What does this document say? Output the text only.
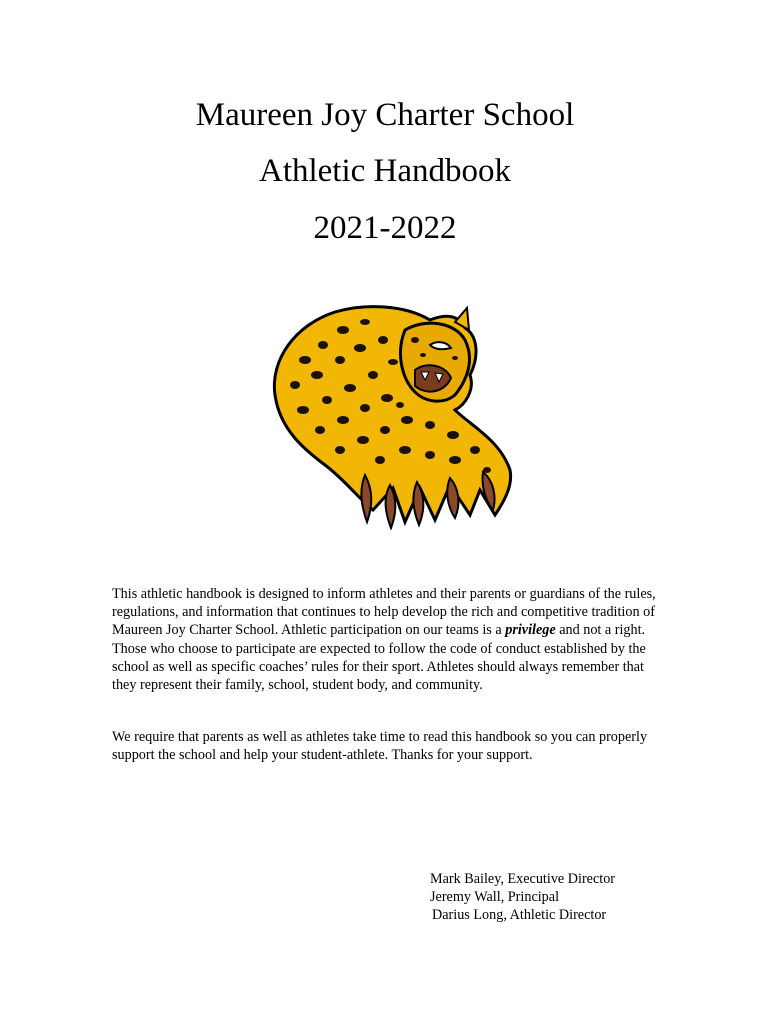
Maureen Joy Charter School
Athletic Handbook
2021-2022

This athletic handbook is designed to inform athletes and their parents or guardians of the rules, regulations, and information that continues to help develop the rich and competitive tradition of Maureen Joy Charter School. Athletic participation on our teams is a privilege and not a right. Those who choose to participate are expected to follow the code of conduct established by the school as well as specific coaches’ rules for their sport. Athletes should always remember that they represent their family, school, student body, and community.

We require that parents as well as athletes take time to read this handbook so you can properly support the school and help your student-athlete. Thanks for your support.

Mark Bailey, Executive Director
Jeremy Wall, Principal
Darius Long, Athletic Director
